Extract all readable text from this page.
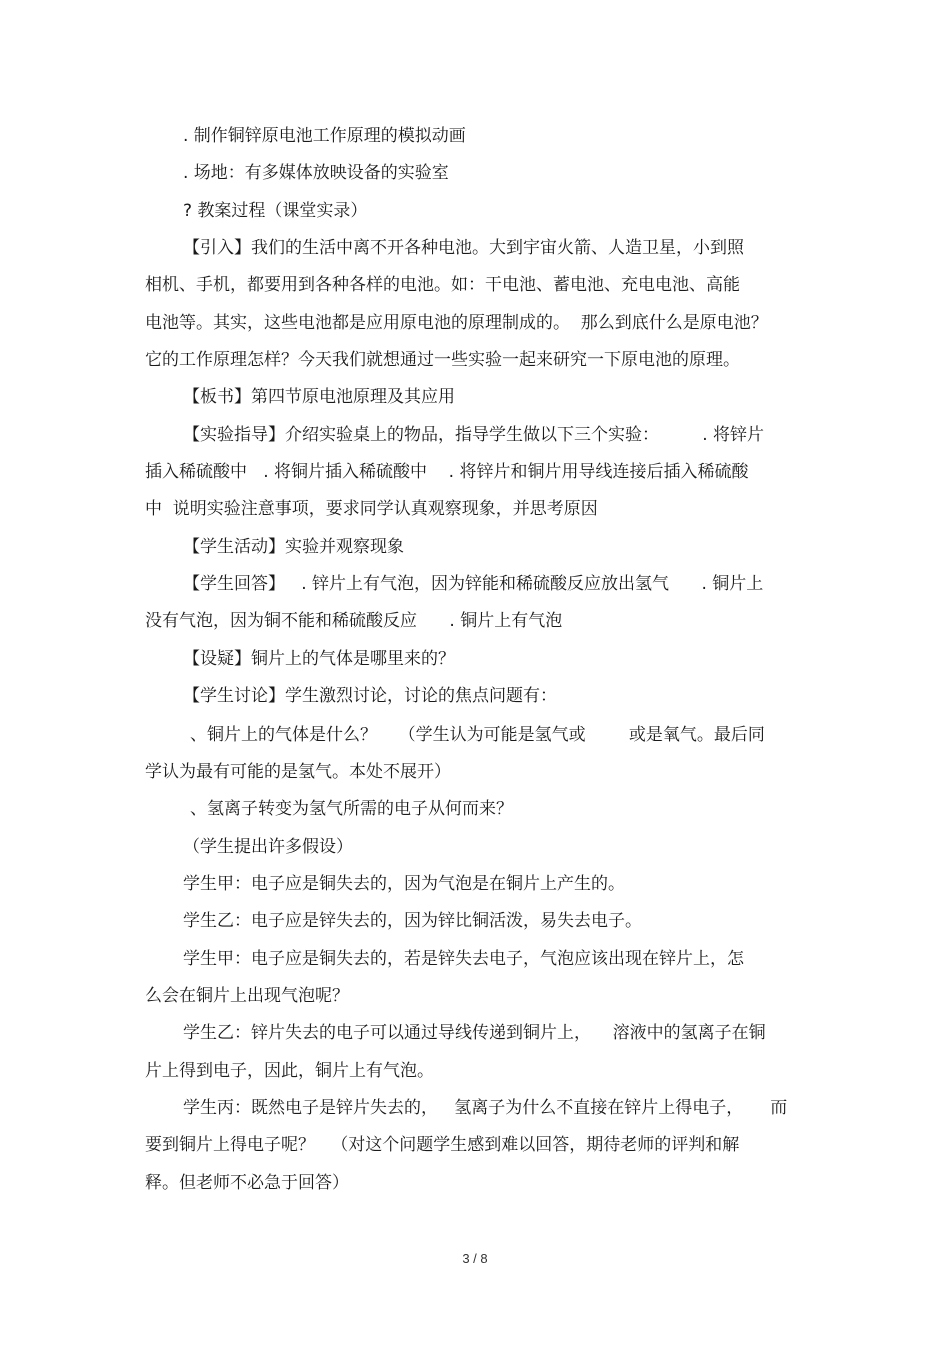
. 制作铜锌原电池工作原理的模拟动画
. 场地：有多媒体放映设备的实验室
? 教案过程（课堂实录）
【引入】我们的生活中离不开各种电池。大到宇宙火箭、人造卫星，小到照
相机、手机，都要用到各种各样的电池。如：干电池、蓄电池、充电电池、高能
电池等。其实，这些电池都是应用原电池的原理制成的。  那么到底什么是原电池？
它的工作原理怎样？今天我们就想通过一些实验一起来研究一下原电池的原理。
【板书】第四节原电池原理及其应用
【实验指导】介绍实验桌上的物品，指导学生做以下三个实验：        . 将锌片
插入稀硫酸中   . 将铜片插入稀硫酸中    . 将锌片和铜片用导线连接后插入稀硫酸
中  说明实验注意事项，要求同学认真观察现象，并思考原因
【学生活动】实验并观察现象
【学生回答】   . 锌片上有气泡，因为锌能和稀硫酸反应放出氢气      . 铜片上
没有气泡，因为铜不能和稀硫酸反应      . 铜片上有气泡
【设疑】铜片上的气体是哪里来的？
【学生讨论】学生激烈讨论，讨论的焦点问题有：
、铜片上的气体是什么？    （学生认为可能是氢气或        或是氧气。最后同
学认为最有可能的是氢气。本处不展开）
、氢离子转变为氢气所需的电子从何而来？
（学生提出许多假设）
学生甲：电子应是铜失去的，因为气泡是在铜片上产生的。
学生乙：电子应是锌失去的，因为锌比铜活泼，易失去电子。
学生甲：电子应是铜失去的，若是锌失去电子，气泡应该出现在锌片上，怎
么会在铜片上出现气泡呢？
学生乙：锌片失去的电子可以通过导线传递到铜片上，    溶液中的氢离子在铜
片上得到电子，因此，铜片上有气泡。
学生丙：既然电子是锌片失去的，   氢离子为什么不直接在锌片上得电子，     而
要到铜片上得电子呢？   （对这个问题学生感到难以回答，期待老师的评判和解
释。但老师不必急于回答）
3 / 8
